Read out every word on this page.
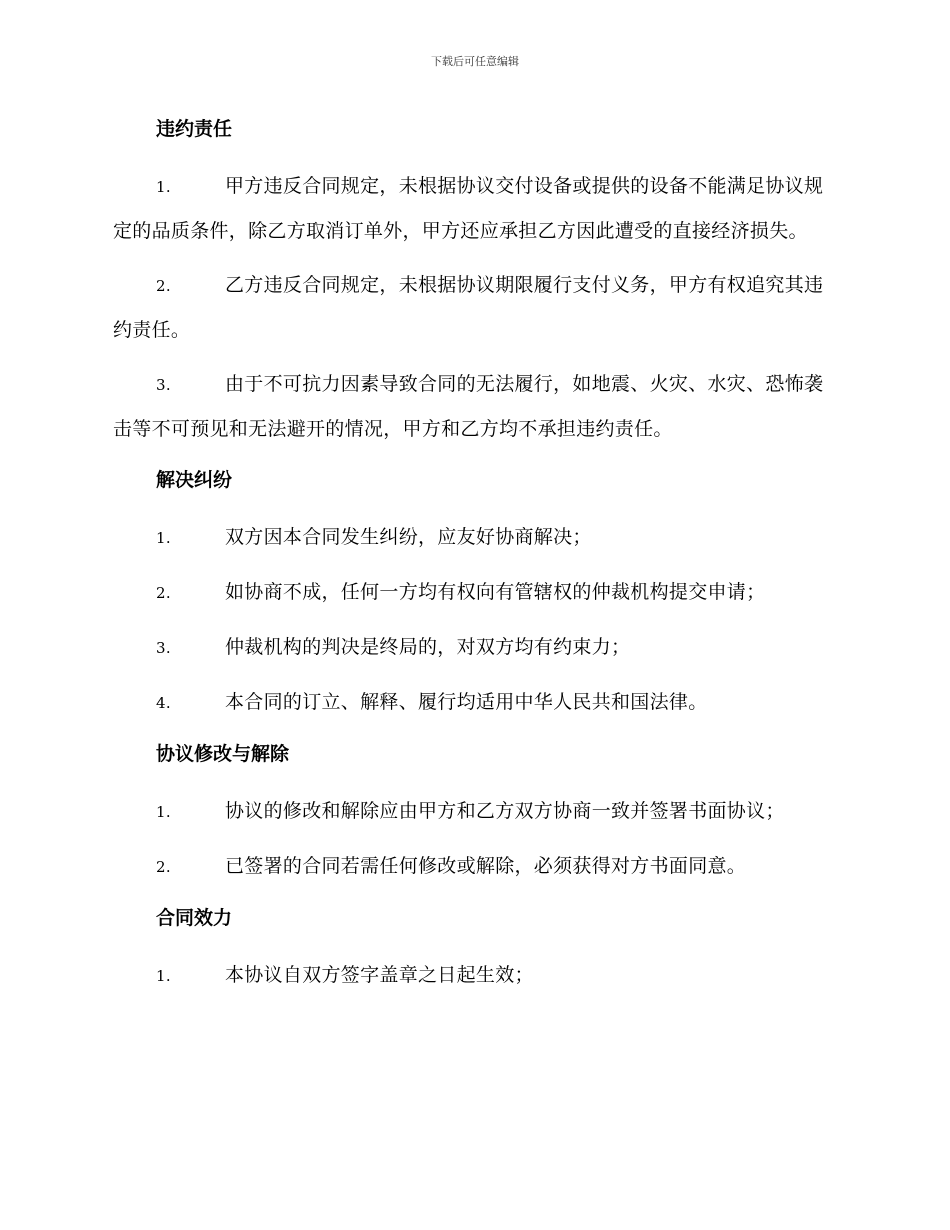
下载后可任意编辑
违约责任
1.	甲方违反合同规定，未根据协议交付设备或提供的设备不能满足协议规定的品质条件，除乙方取消订单外，甲方还应承担乙方因此遭受的直接经济损失。
2.	乙方违反合同规定，未根据协议期限履行支付义务，甲方有权追究其违约责任。
3.	由于不可抗力因素导致合同的无法履行，如地震、火灾、水灾、恐怖袭击等不可预见和无法避开的情况，甲方和乙方均不承担违约责任。
解决纠纷
1.	双方因本合同发生纠纷，应友好协商解决；
2.	如协商不成，任何一方均有权向有管辖权的仲裁机构提交申请；
3.	仲裁机构的判决是终局的，对双方均有约束力；
4.	本合同的订立、解释、履行均适用中华人民共和国法律。
协议修改与解除
1.	协议的修改和解除应由甲方和乙方双方协商一致并签署书面协议；
2.	已签署的合同若需任何修改或解除，必须获得对方书面同意。
合同效力
1.	本协议自双方签字盖章之日起生效；
